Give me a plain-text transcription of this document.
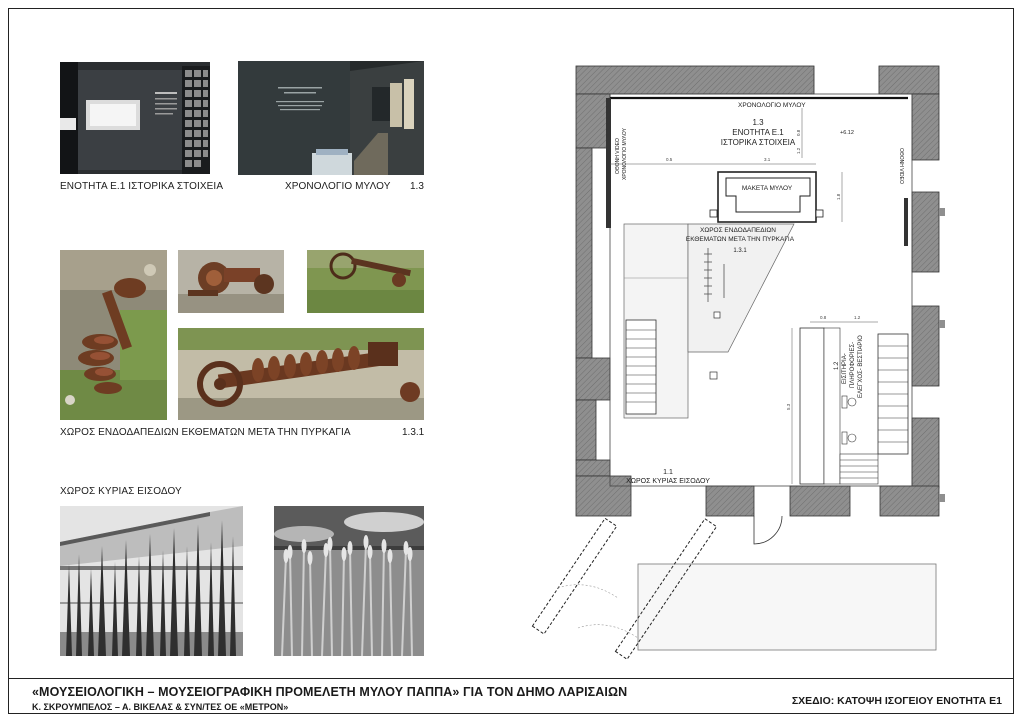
ΕΝΟΤΗΤΑ Ε.1 ΙΣΤΟΡΙΚΑ ΣΤΟΙΧΕΙΑ	ΧΡΟΝΟΛΟΓΙΟ ΜΥΛΟΥ 1.3
ΧΩΡΟΣ ΕΝΔΟΔΑΠΕΔΙΩΝ ΕΚΘΕΜΑΤΩΝ ΜΕΤΑ ΤΗΝ ΠΥΡΚΑΓΙΑ	1.3.1
ΧΩΡΟΣ ΚΥΡΙΑΣ ΕΙΣΟΔΟΥ
ΧΡΟΝΟΛΟΓΙΟ ΜΥΛΟΥ
1.3
ΕΝΟΤΗΤΑ Ε.1
ΙΣΤΟΡΙΚΑ ΣΤΟΙΧΕΙΑ
ΟΘΟΝΗ VIDEO ΧΡΟΝΟΛΟΓΙΟ ΜΥΛΟΥ	ΟΘΟΝΗ VIDEO
+6.12
ΜΑΚΕΤΑ ΜΥΛΟΥ
ΧΩΡΟΣ ΕΝΔΟΔΑΠΕΔΙΩΝ
ΕΚΘΕΜΑΤΩΝ ΜΕΤΑ ΤΗΝ ΠΥΡΚΑΓΙΑ
1.3.1
1.1
ΧΩΡΟΣ ΚΥΡΙΑΣ ΕΙΣΟΔΟΥ
1.2 ΕΙΣΙΤΗΡΙΑ- ΠΛΗΡΟΦΟΡΙΕΣ- ΕΛΕΓΧΟΣ- ΒΕΣΤΙΑΡΙΟ
0.5	3.1
0.8
1.2
1.8
0.8	1.2
5.3
«ΜΟΥΣΕΙΟΛΟΓΙΚΗ – ΜΟΥΣΕΙΟΓΡΑΦΙΚΗ ΠΡΟΜΕΛΕΤΗ ΜΥΛΟΥ ΠΑΠΠΑ» ΓΙΑ ΤΟΝ ΔΗΜΟ ΛΑΡΙΣΑΙΩΝ
Κ. ΣΚΡΟΥΜΠΕΛΟΣ – Α. ΒΙΚΕΛΑΣ & ΣΥΝ/ΤΕΣ ΟΕ «ΜΕΤΡΟΝ»	ΣΧΕΔΙΟ: ΚΑΤΟΨΗ ΙΣΟΓΕΙΟΥ ΕΝΟΤΗΤΑ Ε1
